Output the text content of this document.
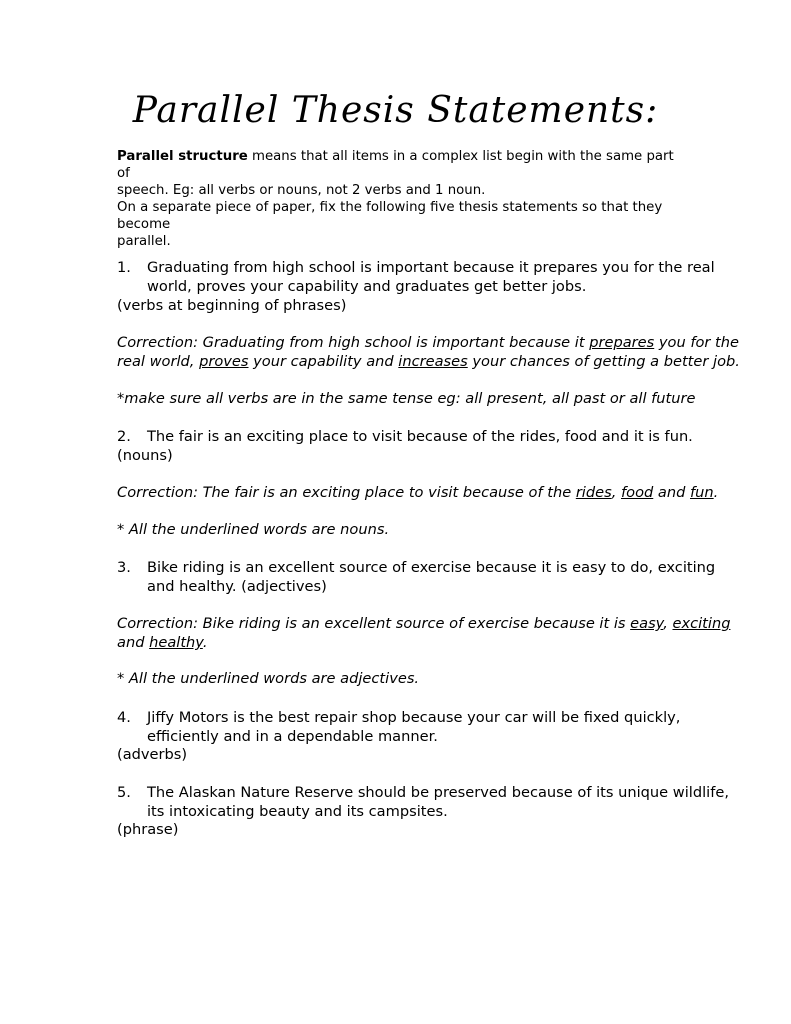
Parallel Thesis Statements:
Parallel structure means that all items in a complex list begin with the same part of
speech. Eg: all verbs or nouns, not 2 verbs and 1 noun.
On a separate piece of paper, fix the following five thesis statements so that they become
parallel.
1. Graduating from high school is important because it prepares you for the real
world, proves your capability and graduates get better jobs.
(verbs at beginning of phrases)
Correction: Graduating from high school is important because it prepares you for the
real world, proves your capability and increases your chances of getting a better job.
*make sure all verbs are in the same tense eg: all present, all past or all future
2. The fair is an exciting place to visit because of the rides, food and it is fun.
(nouns)
Correction: The fair is an exciting place to visit because of the rides, food and fun.
* All the underlined words are nouns.
3. Bike riding is an excellent source of exercise because it is easy to do, exciting
and healthy. (adjectives)
Correction: Bike riding is an excellent source of exercise because it is easy, exciting
and healthy.
* All the underlined words are adjectives.
4. Jiffy Motors is the best repair shop because your car will be fixed quickly,
efficiently and in a dependable manner.
(adverbs)
5. The Alaskan Nature Reserve should be preserved because of its unique wildlife,
its intoxicating beauty and its campsites.
(phrase)
